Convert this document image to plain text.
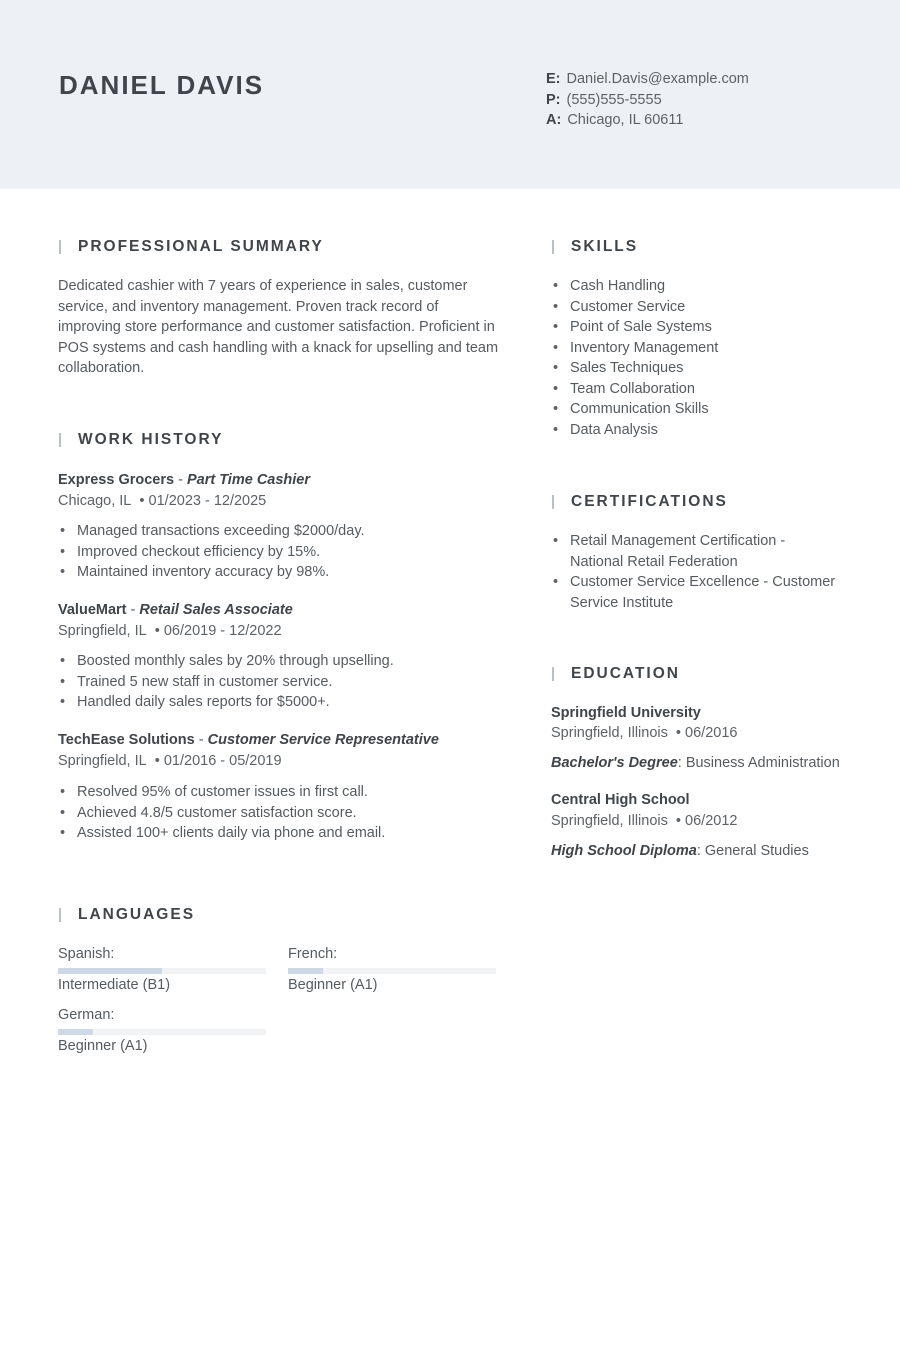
DANIEL DAVIS	E: Daniel.Davis@example.com
P: (555)555-5555
A: Chicago, IL 60611
PROFESSIONAL SUMMARY

Dedicated cashier with 7 years of experience in sales, customer
service, and inventory management. Proven track record of
improving store performance and customer satisfaction. Proficient in
POS systems and cash handling with a knack for upselling and team
collaboration.

WORK HISTORY
Express Grocers - Part Time Cashier
Chicago, IL  • 01/2023 - 12/2025
• Managed transactions exceeding $2000/day.
• Improved checkout efficiency by 15%.
• Maintained inventory accuracy by 98%.
ValueMart - Retail Sales Associate
Springfield, IL  • 06/2019 - 12/2022
• Boosted monthly sales by 20% through upselling.
• Trained 5 new staff in customer service.
• Handled daily sales reports for $5000+.
TechEase Solutions - Customer Service Representative
Springfield, IL  • 01/2016 - 05/2019
• Resolved 95% of customer issues in first call.
• Achieved 4.8/5 customer satisfaction score.
• Assisted 100+ clients daily via phone and email.
LANGUAGES
Spanish:
Intermediate (B1)
French:
Beginner (A1)
German:
Beginner (A1)
SKILLS
• Cash Handling
• Customer Service
• Point of Sale Systems
• Inventory Management
• Sales Techniques
• Team Collaboration
• Communication Skills
• Data Analysis
CERTIFICATIONS
• Retail Management Certification -
National Retail Federation
• Customer Service Excellence - Customer
Service Institute
EDUCATION
Springfield University
Springfield, Illinois  • 06/2016
Bachelor's Degree: Business Administration
Central High School
Springfield, Illinois  • 06/2012
High School Diploma: General Studies
